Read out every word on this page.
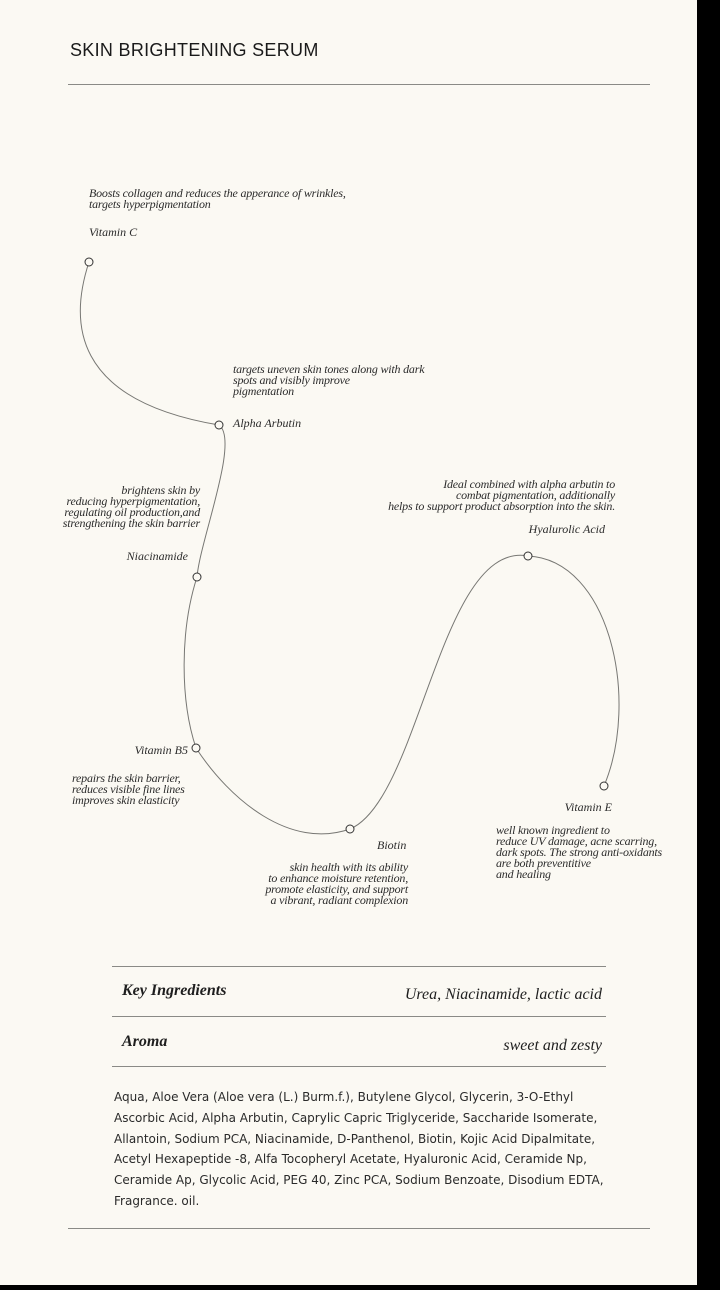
SKIN BRIGHTENING SERUM
Boosts collagen and reduces the apperance of wrinkles,
targets hyperpigmentation
Vitamin C
targets uneven skin tones along with dark
spots and visibly improve
pigmentation
Alpha Arbutin
brightens skin by
reducing hyperpigmentation,
regulating oil production,and
strengthening the skin barrier
Niacinamide
Ideal combined with alpha arbutin to
combat pigmentation, additionally
helps to support product absorption into the skin.
Hyalurolic Acid
Vitamin B5
repairs the skin barrier,
reduces visible fine lines
improves skin elasticity
Biotin
skin health with its ability
to enhance moisture retention,
promote elasticity, and support
a vibrant, radiant complexion
Vitamin E
well known ingredient to
reduce UV damage, acne scarring,
dark spots. The strong anti-oxidants
are both preventitive
and healing
Key Ingredients	Urea, Niacinamide, lactic acid
Aroma	sweet and zesty
Aqua, Aloe Vera (Aloe vera (L.) Burm.f.), Butylene Glycol, Glycerin, 3-O-Ethyl Ascorbic Acid, Alpha Arbutin, Caprylic Capric Triglyceride, Saccharide Isomerate, Allantoin, Sodium PCA, Niacinamide, D-Panthenol, Biotin, Kojic Acid Dipalmitate, Acetyl Hexapeptide -8, Alfa Tocopheryl Acetate, Hyaluronic Acid, Ceramide Np, Ceramide Ap, Glycolic Acid, PEG 40, Zinc PCA, Sodium Benzoate, Disodium EDTA, Fragrance. oil.
